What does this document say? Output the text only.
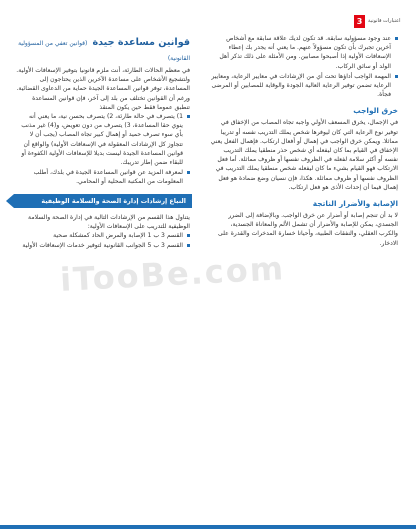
3	اعتبارات قانونية
عند وجود مسؤولية سابقة. قد تكون لديك علاقة سابقة مع أشخاص آخرين تجبرك بأن تكون مسؤولاً عنهم. ما يعني أنه يجدر بك إعطاء الإسعافات الأولية إذا أصبحوا مصابين. ومن الأمثلة على ذلك تذكر أهل الولد أو سائق الركاب.
المهمة الواجب أداؤها تحت أي من الإرشادات في معايير الرعاية، ومعايير الرعاية تضمن توفير الرعاية العالية الجودة والوقاية للمصابين أو المرضى فجأة.
خرق الواجب

في الإجمال، يخرق المسعف الأولي واجبه تجاه المصاب من الإخفاق في توفير نوع الرعاية التي كان ليوفرها شخص يملك التدريب نفسه أو تدريبا مماثلا. ويمكن خرق الواجب في إهمال أو أفعال ارتكاب. فإهمال الفعل يعني الإخفاق في القيام بما كان ليفعله أي شخص حذر منطقيا يملك التدريب نفسه أو أكثر سلامة لفعله في الظروف نفسها أو ظروف مماثلة. أما فعل الارتكاب فهو القيام بشيء ما كان ليفعله شخص منطقيا يملك التدريب في الظروف نفسها أو ظروف مماثلة. هكذا، فإن نسيان وضع ضمادة هو فعل إهمال فيما أن إحداث الأذى هو فعل ارتكاب.

الإصابة والأضرار الناتجة

لا بد أن تنجم إصابة أو أضرار عن خرق الواجب. وبالإضافة إلى الضرر الجسدي، يمكن للإصابة والأضرار أن تشمل الألم والمعاناة الجسدية، والكرب العقلي، والنفقات الطبية، وأحيانا خسارة المدخرات والقدرة على الادخار.

قوانين مساعدة جيدة (قوانين تعفي من المسؤولية القانونية)

في معظم الحالات الطارئة، أنت ملزم قانونيا بتوفير الإسعافات الأولية. ولتشجيع الأشخاص على مساعدة الآخرين الذين يحتاجون إلى المساعدة، توفر قوانين المساعدة الجيدة حماية من الدعاوى القضائية. ورغم أن القوانين تختلف من بلد إلى آخر، فإن قوانين المساعدة تنطبق عموما فقط حين يكون المنقذ

1) يتصرف في حالة طارئة، 2) يتصرف بحسن نية، ما يعني أنه ينوي حقا المساعدة، 3) يتصرف من دون تعويض، و(4) غير مذنب بأي سوء تصرف حميد أو إهمال كبير تجاه المصاب (يجب أن لا تتجاوز كل الإرشادات المعقولة في الإسعافات الأولية) والواقع أن قوانين المساعدة الجيدة ليست بديلا للإسعافات الأولية الكفوءة أو للبقاء ضمن إطار تدريبك.
لمعرفة المزيد عن قوانين المساعدة الجيدة في بلدك، أطلب المعلومات من المكتبة المحلية أو المحامي.
النباع إرشادات إدارة الصحة والسلامة الوظيفية

يتناول هذا القسم من الإرشادات التالية في إدارة الصحة والسلامة الوظيفية للتدريب على الإسعافات الأولية:

القسم 3 ب 1 الإصابة والمرض الحاد كمشكلة صحية
القسم 3 ب 5 الجوانب القانونية لتوفير خدمات الإسعافات الأولية
iTooBe.com
